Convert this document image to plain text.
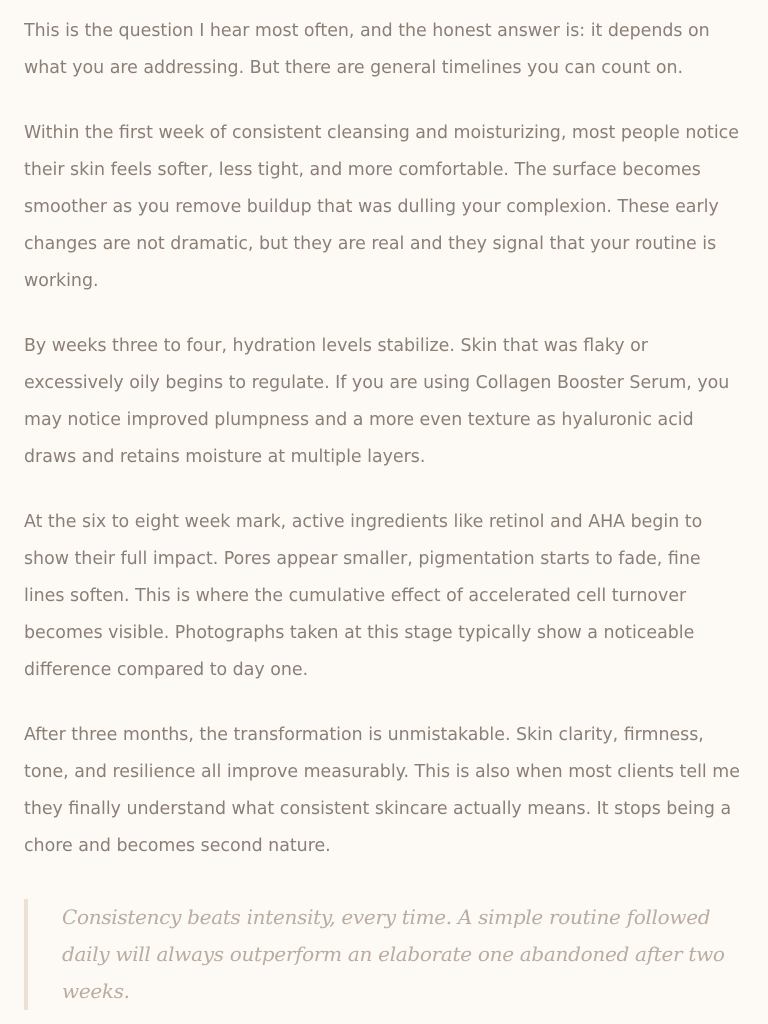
This is the question I hear most often, and the honest answer is: it depends on what you are addressing. But there are general timelines you can count on.

Within the first week of consistent cleansing and moisturizing, most people notice their skin feels softer, less tight, and more comfortable. The surface becomes smoother as you remove buildup that was dulling your complexion. These early changes are not dramatic, but they are real and they signal that your routine is working.

By weeks three to four, hydration levels stabilize. Skin that was flaky or excessively oily begins to regulate. If you are using Collagen Booster Serum, you may notice improved plumpness and a more even texture as hyaluronic acid draws and retains moisture at multiple layers.

At the six to eight week mark, active ingredients like retinol and AHA begin to show their full impact. Pores appear smaller, pigmentation starts to fade, fine lines soften. This is where the cumulative effect of accelerated cell turnover becomes visible. Photographs taken at this stage typically show a noticeable difference compared to day one.

After three months, the transformation is unmistakable. Skin clarity, firmness, tone, and resilience all improve measurably. This is also when most clients tell me they finally understand what consistent skincare actually means. It stops being a chore and becomes second nature.

Consistency beats intensity, every time. A simple routine followed daily will always outperform an elaborate one abandoned after two weeks.
